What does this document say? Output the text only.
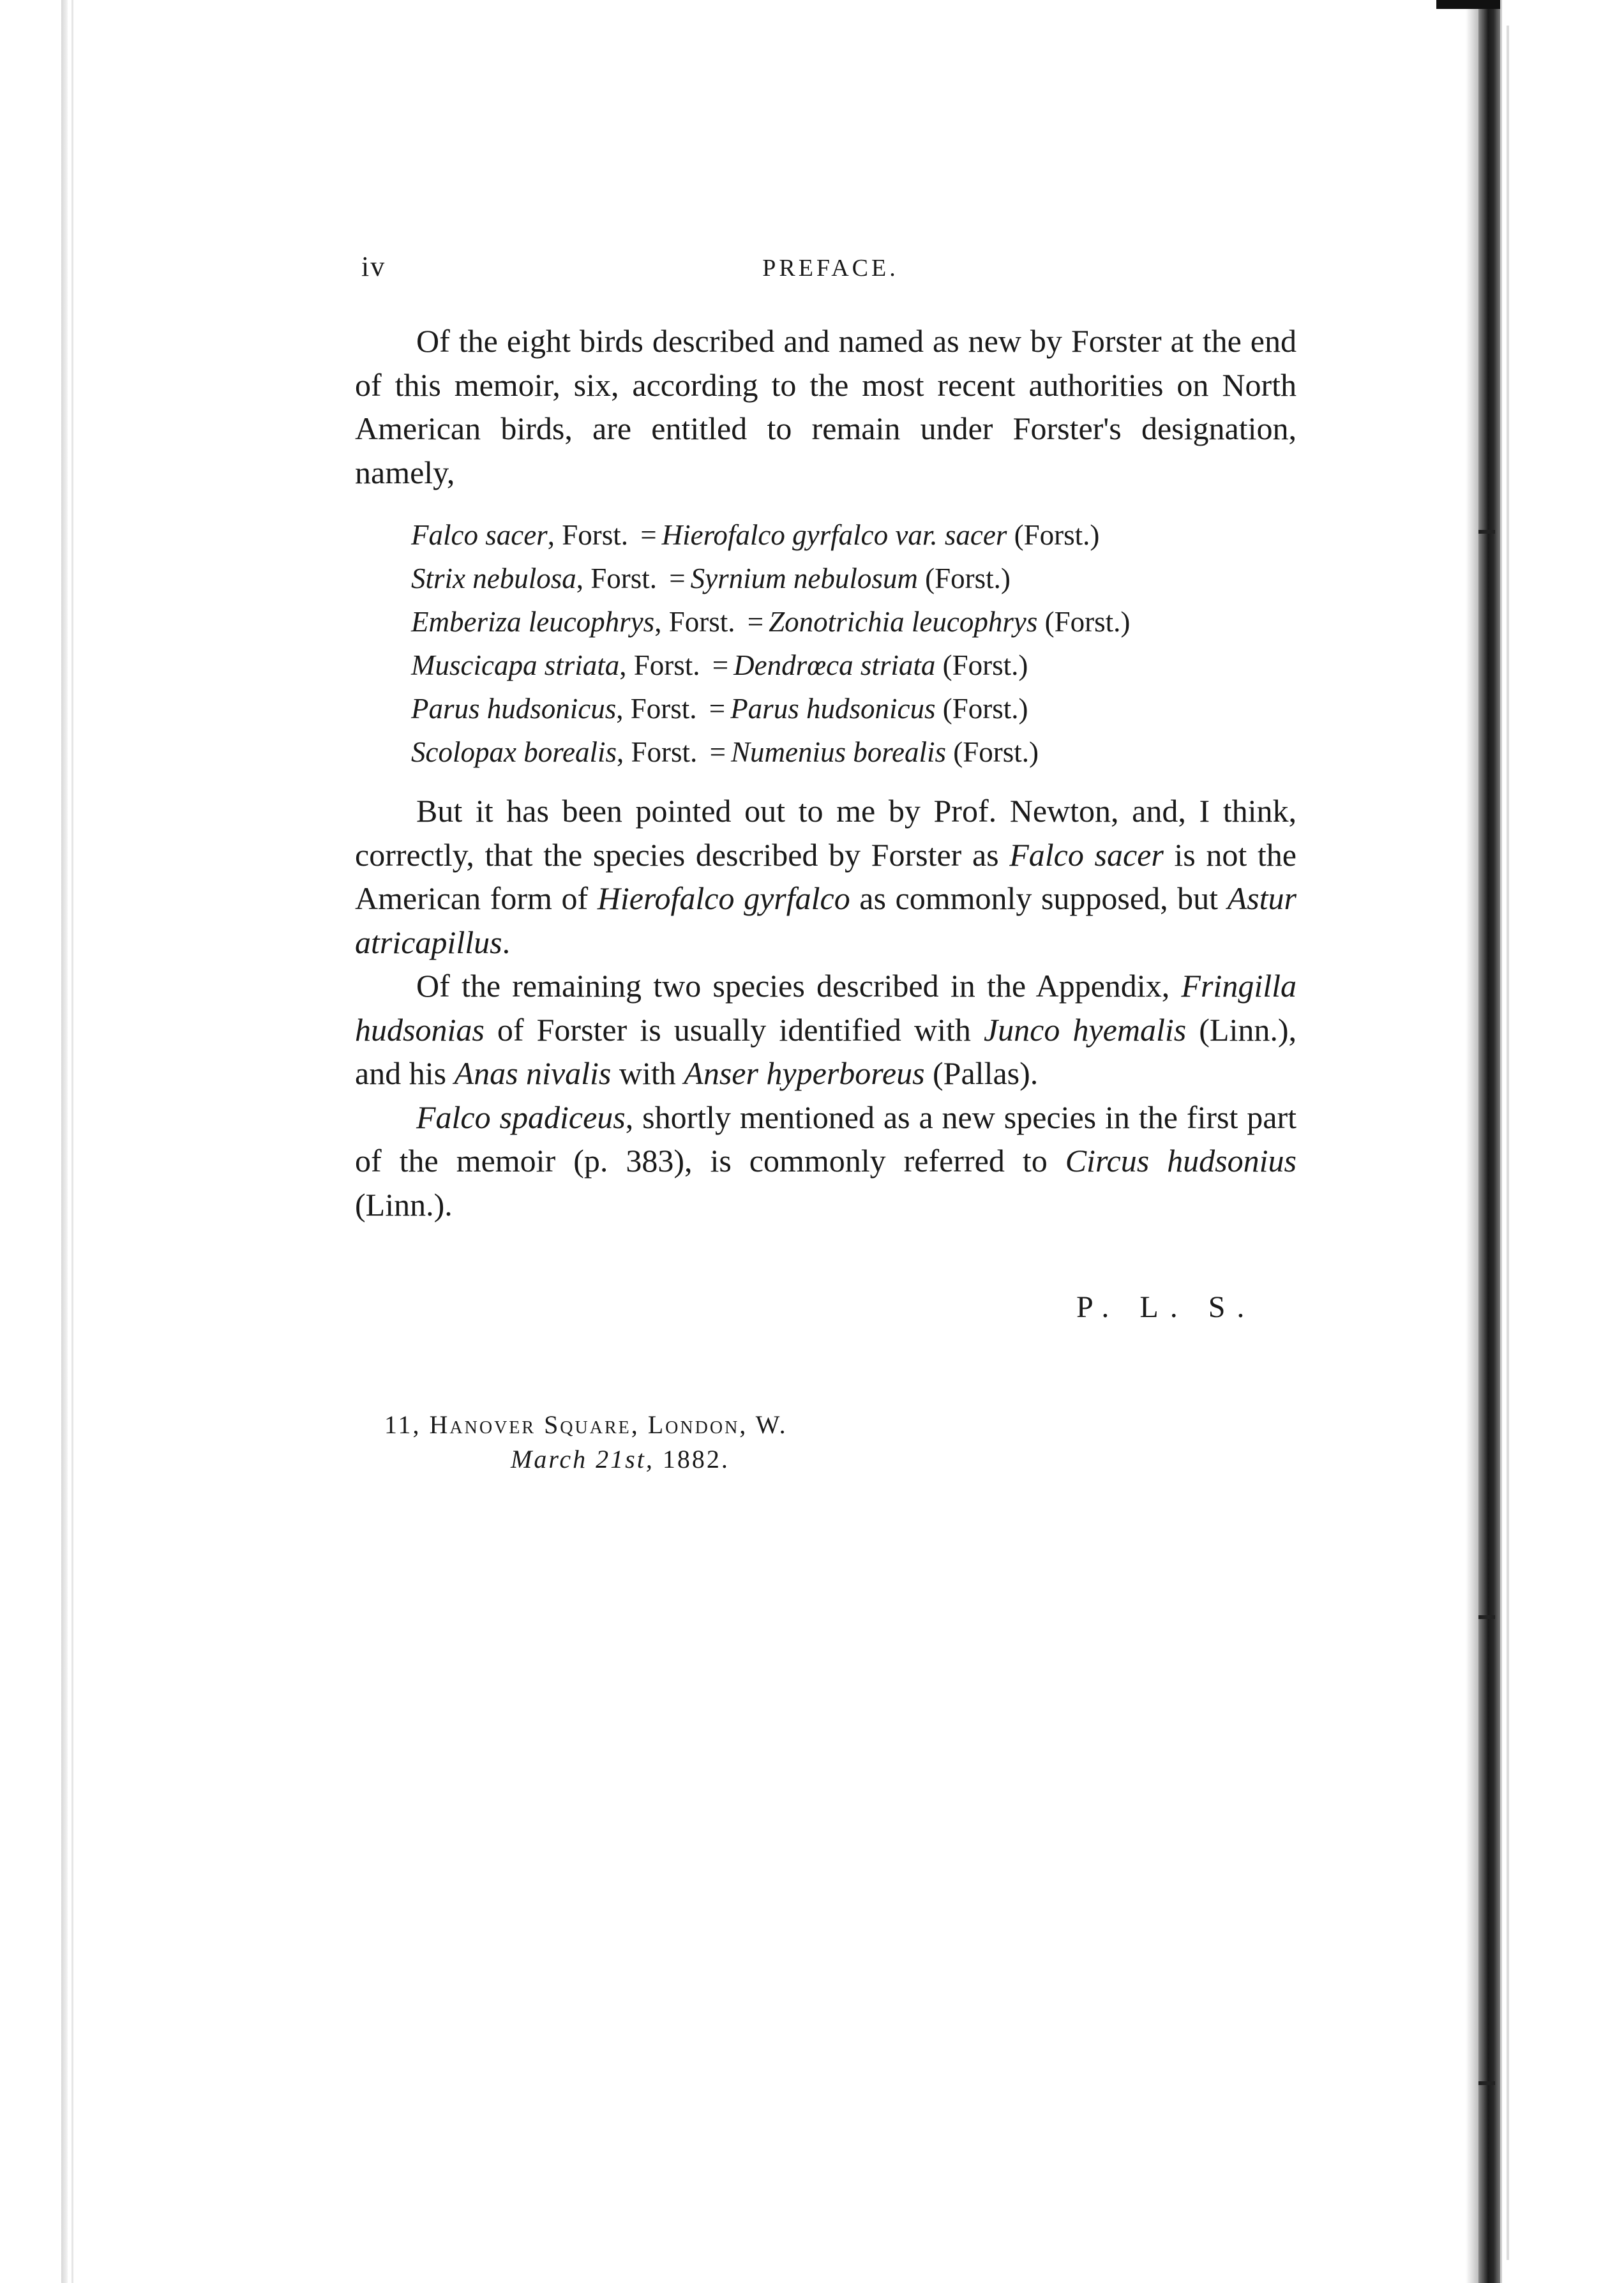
iv	PREFACE.

Of the eight birds described and named as new by Forster at the end of this memoir, six, according to the most recent authorities on North American birds, are entitled to remain under Forster's designation, namely,

Falco sacer, Forst. = Hierofalco gyrfalco var. sacer (Forst.)
Strix nebulosa, Forst. = Syrnium nebulosum (Forst.)
Emberiza leucophrys, Forst. = Zonotrichia leucophrys (Forst.)
Muscicapa striata, Forst. = Dendrœca striata (Forst.)
Parus hudsonicus, Forst. = Parus hudsonicus (Forst.)
Scolopax borealis, Forst. = Numenius borealis (Forst.)

But it has been pointed out to me by Prof. Newton, and, I think, correctly, that the species described by Forster as Falco sacer is not the American form of Hierofalco gyrfalco as commonly supposed, but Astur atricapillus.

Of the remaining two species described in the Appendix, Fringilla hudsonias of Forster is usually identified with Junco hyemalis (Linn.), and his Anas nivalis with Anser hyperboreus (Pallas).

Falco spadiceus, shortly mentioned as a new species in the first part of the memoir (p. 383), is commonly referred to Circus hudsonius (Linn.).

P. L. S.
11, Hanover Square, London, W.
March 21st, 1882.
